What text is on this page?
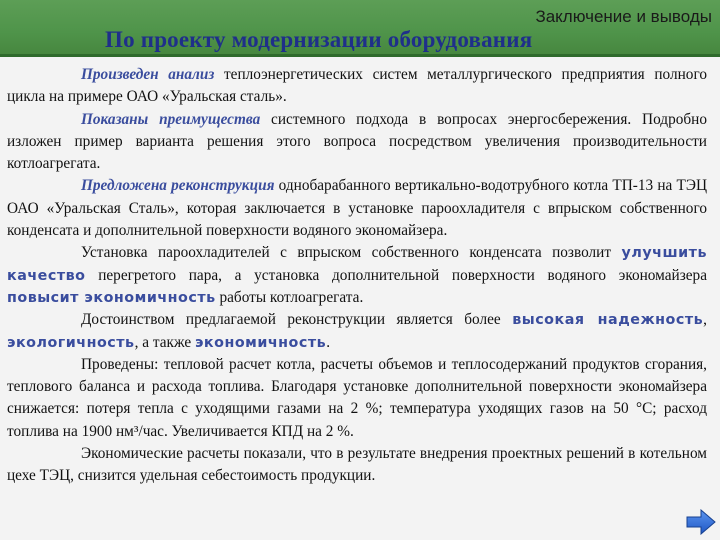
Заключение и выводы
По проекту модернизации оборудования

Произведен анализ теплоэнергетических систем металлургического предприятия полного цикла на примере ОАО «Уральская сталь».

Показаны преимущества системного подхода в вопросах энергосбережения. Подробно изложен пример варианта решения этого вопроса посредством увеличения производительности котлоагрегата.

Предложена реконструкция однобарабанного вертикально-водотрубного котла ТП-13 на ТЭЦ ОАО «Уральская Сталь», которая заключается в установке пароохладителя с впрыском собственного конденсата и дополнительной поверхности водяного экономайзера.

Установка пароохладителей с впрыском собственного конденсата позволит улучшить качество перегретого пара, а установка дополнительной поверхности водяного экономайзера повысит экономичность работы котлоагрегата.

Достоинством предлагаемой реконструкции является более высокая надежность, экологичность, а также экономичность.

Проведены: тепловой расчет котла, расчеты объемов и теплосодержаний продуктов сгорания, теплового баланса и расхода топлива. Благодаря установке дополнительной поверхности экономайзера снижается: потеря тепла с уходящими газами на 2 %; температура уходящих газов на 50 °С; расход топлива на 1900 нм³/час. Увеличивается КПД на 2 %.

Экономические расчеты показали, что в результате внедрения проектных решений в котельном цехе ТЭЦ, снизится удельная себестоимость продукции.
